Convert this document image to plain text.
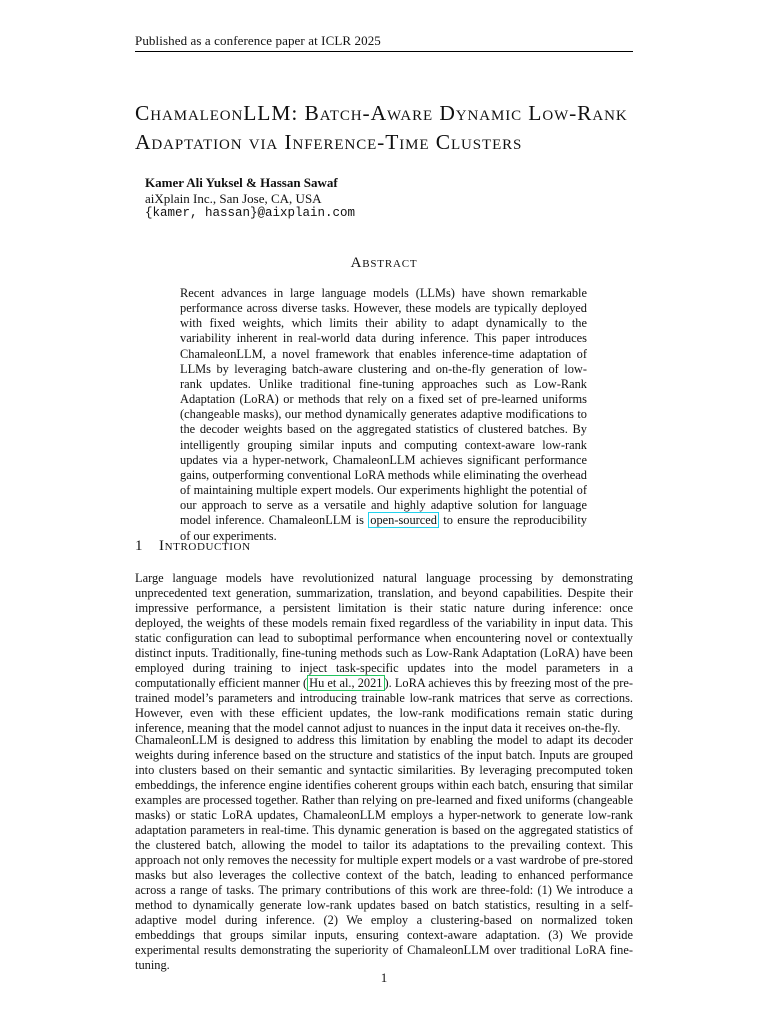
Published as a conference paper at ICLR 2025
ChamaleonLLM: Batch-Aware Dynamic Low-Rank Adaptation via Inference-Time Clusters
Kamer Ali Yuksel & Hassan Sawaf
aiXplain Inc., San Jose, CA, USA
{kamer, hassan}@aixplain.com
Abstract
Recent advances in large language models (LLMs) have shown remarkable performance across diverse tasks. However, these models are typically deployed with fixed weights, which limits their ability to adapt dynamically to the variability inherent in real-world data during inference. This paper introduces ChamaleonLLM, a novel framework that enables inference-time adaptation of LLMs by leveraging batch-aware clustering and on-the-fly generation of low-rank updates. Unlike traditional fine-tuning approaches such as Low-Rank Adaptation (LoRA) or methods that rely on a fixed set of pre-learned uniforms (changeable masks), our method dynamically generates adaptive modifications to the decoder weights based on the aggregated statistics of clustered batches. By intelligently grouping similar inputs and computing context-aware low-rank updates via a hyper-network, ChamaleonLLM achieves significant performance gains, outperforming conventional LoRA methods while eliminating the overhead of maintaining multiple expert models. Our experiments highlight the potential of our approach to serve as a versatile and highly adaptive solution for language model inference. ChamaleonLLM is open-sourced to ensure the reproducibility of our experiments.
1 Introduction
Large language models have revolutionized natural language processing by demonstrating unprecedented text generation, summarization, translation, and beyond capabilities. Despite their impressive performance, a persistent limitation is their static nature during inference: once deployed, the weights of these models remain fixed regardless of the variability in input data. This static configuration can lead to suboptimal performance when encountering novel or contextually distinct inputs. Traditionally, fine-tuning methods such as Low-Rank Adaptation (LoRA) have been employed during training to inject task-specific updates into the model parameters in a computationally efficient manner ( Hu et al., 2021 ). LoRA achieves this by freezing most of the pre-trained model’s parameters and introducing trainable low-rank matrices that serve as corrections. However, even with these efficient updates, the low-rank modifications remain static during inference, meaning that the model cannot adjust to nuances in the input data it receives on-the-fly.
ChamaleonLLM is designed to address this limitation by enabling the model to adapt its decoder weights during inference based on the structure and statistics of the input batch. Inputs are grouped into clusters based on their semantic and syntactic similarities. By leveraging precomputed token embeddings, the inference engine identifies coherent groups within each batch, ensuring that similar examples are processed together. Rather than relying on pre-learned and fixed uniforms (changeable masks) or static LoRA updates, ChamaleonLLM employs a hyper-network to generate low-rank adaptation parameters in real-time. This dynamic generation is based on the aggregated statistics of the clustered batch, allowing the model to tailor its adaptations to the prevailing context. This approach not only removes the necessity for multiple expert models or a vast wardrobe of pre-stored masks but also leverages the collective context of the batch, leading to enhanced performance across a range of tasks. The primary contributions of this work are three-fold: (1) We introduce a method to dynamically generate low-rank updates based on batch statistics, resulting in a self-adaptive model during inference. (2) We employ a clustering-based on normalized token embeddings that groups similar inputs, ensuring context-aware adaptation. (3) We provide experimental results demonstrating the superiority of ChamaleonLLM over traditional LoRA fine-tuning.
1
